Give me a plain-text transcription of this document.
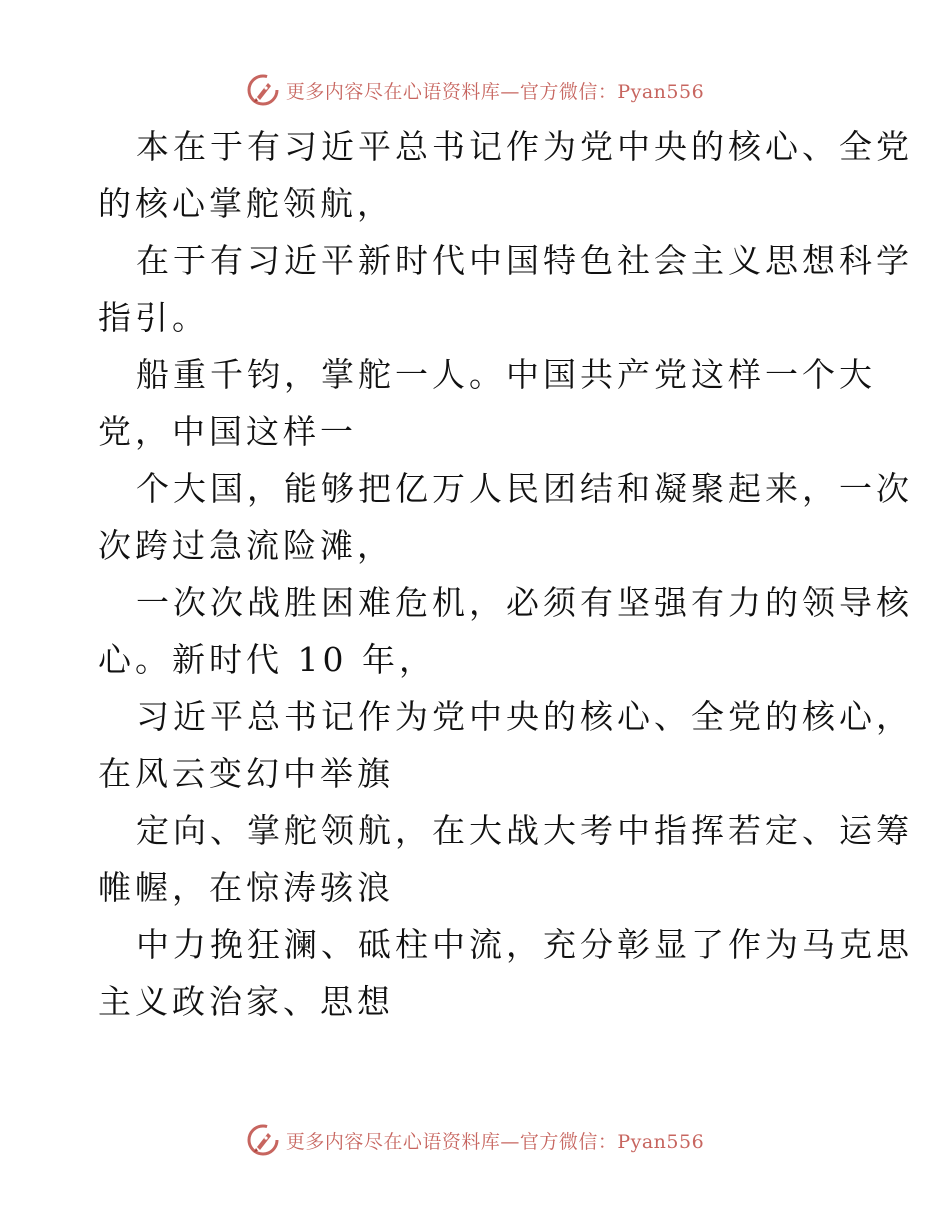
更多内容尽在心语资料库—官方微信：Pyan556
本在于有习近平总书记作为党中央的核心、全党
的核心掌舵领航，
在于有习近平新时代中国特色社会主义思想科学
指引。
船重千钧，掌舵一人。中国共产党这样一个大
党，中国这样一
个大国，能够把亿万人民团结和凝聚起来，一次
次跨过急流险滩，
一次次战胜困难危机，必须有坚强有力的领导核
心。新时代 10 年，
习近平总书记作为党中央的核心、全党的核心，
在风云变幻中举旗
定向、掌舵领航，在大战大考中指挥若定、运筹
帷幄，在惊涛骇浪
中力挽狂澜、砥柱中流，充分彰显了作为马克思
主义政治家、思想
更多内容尽在心语资料库—官方微信：Pyan556
